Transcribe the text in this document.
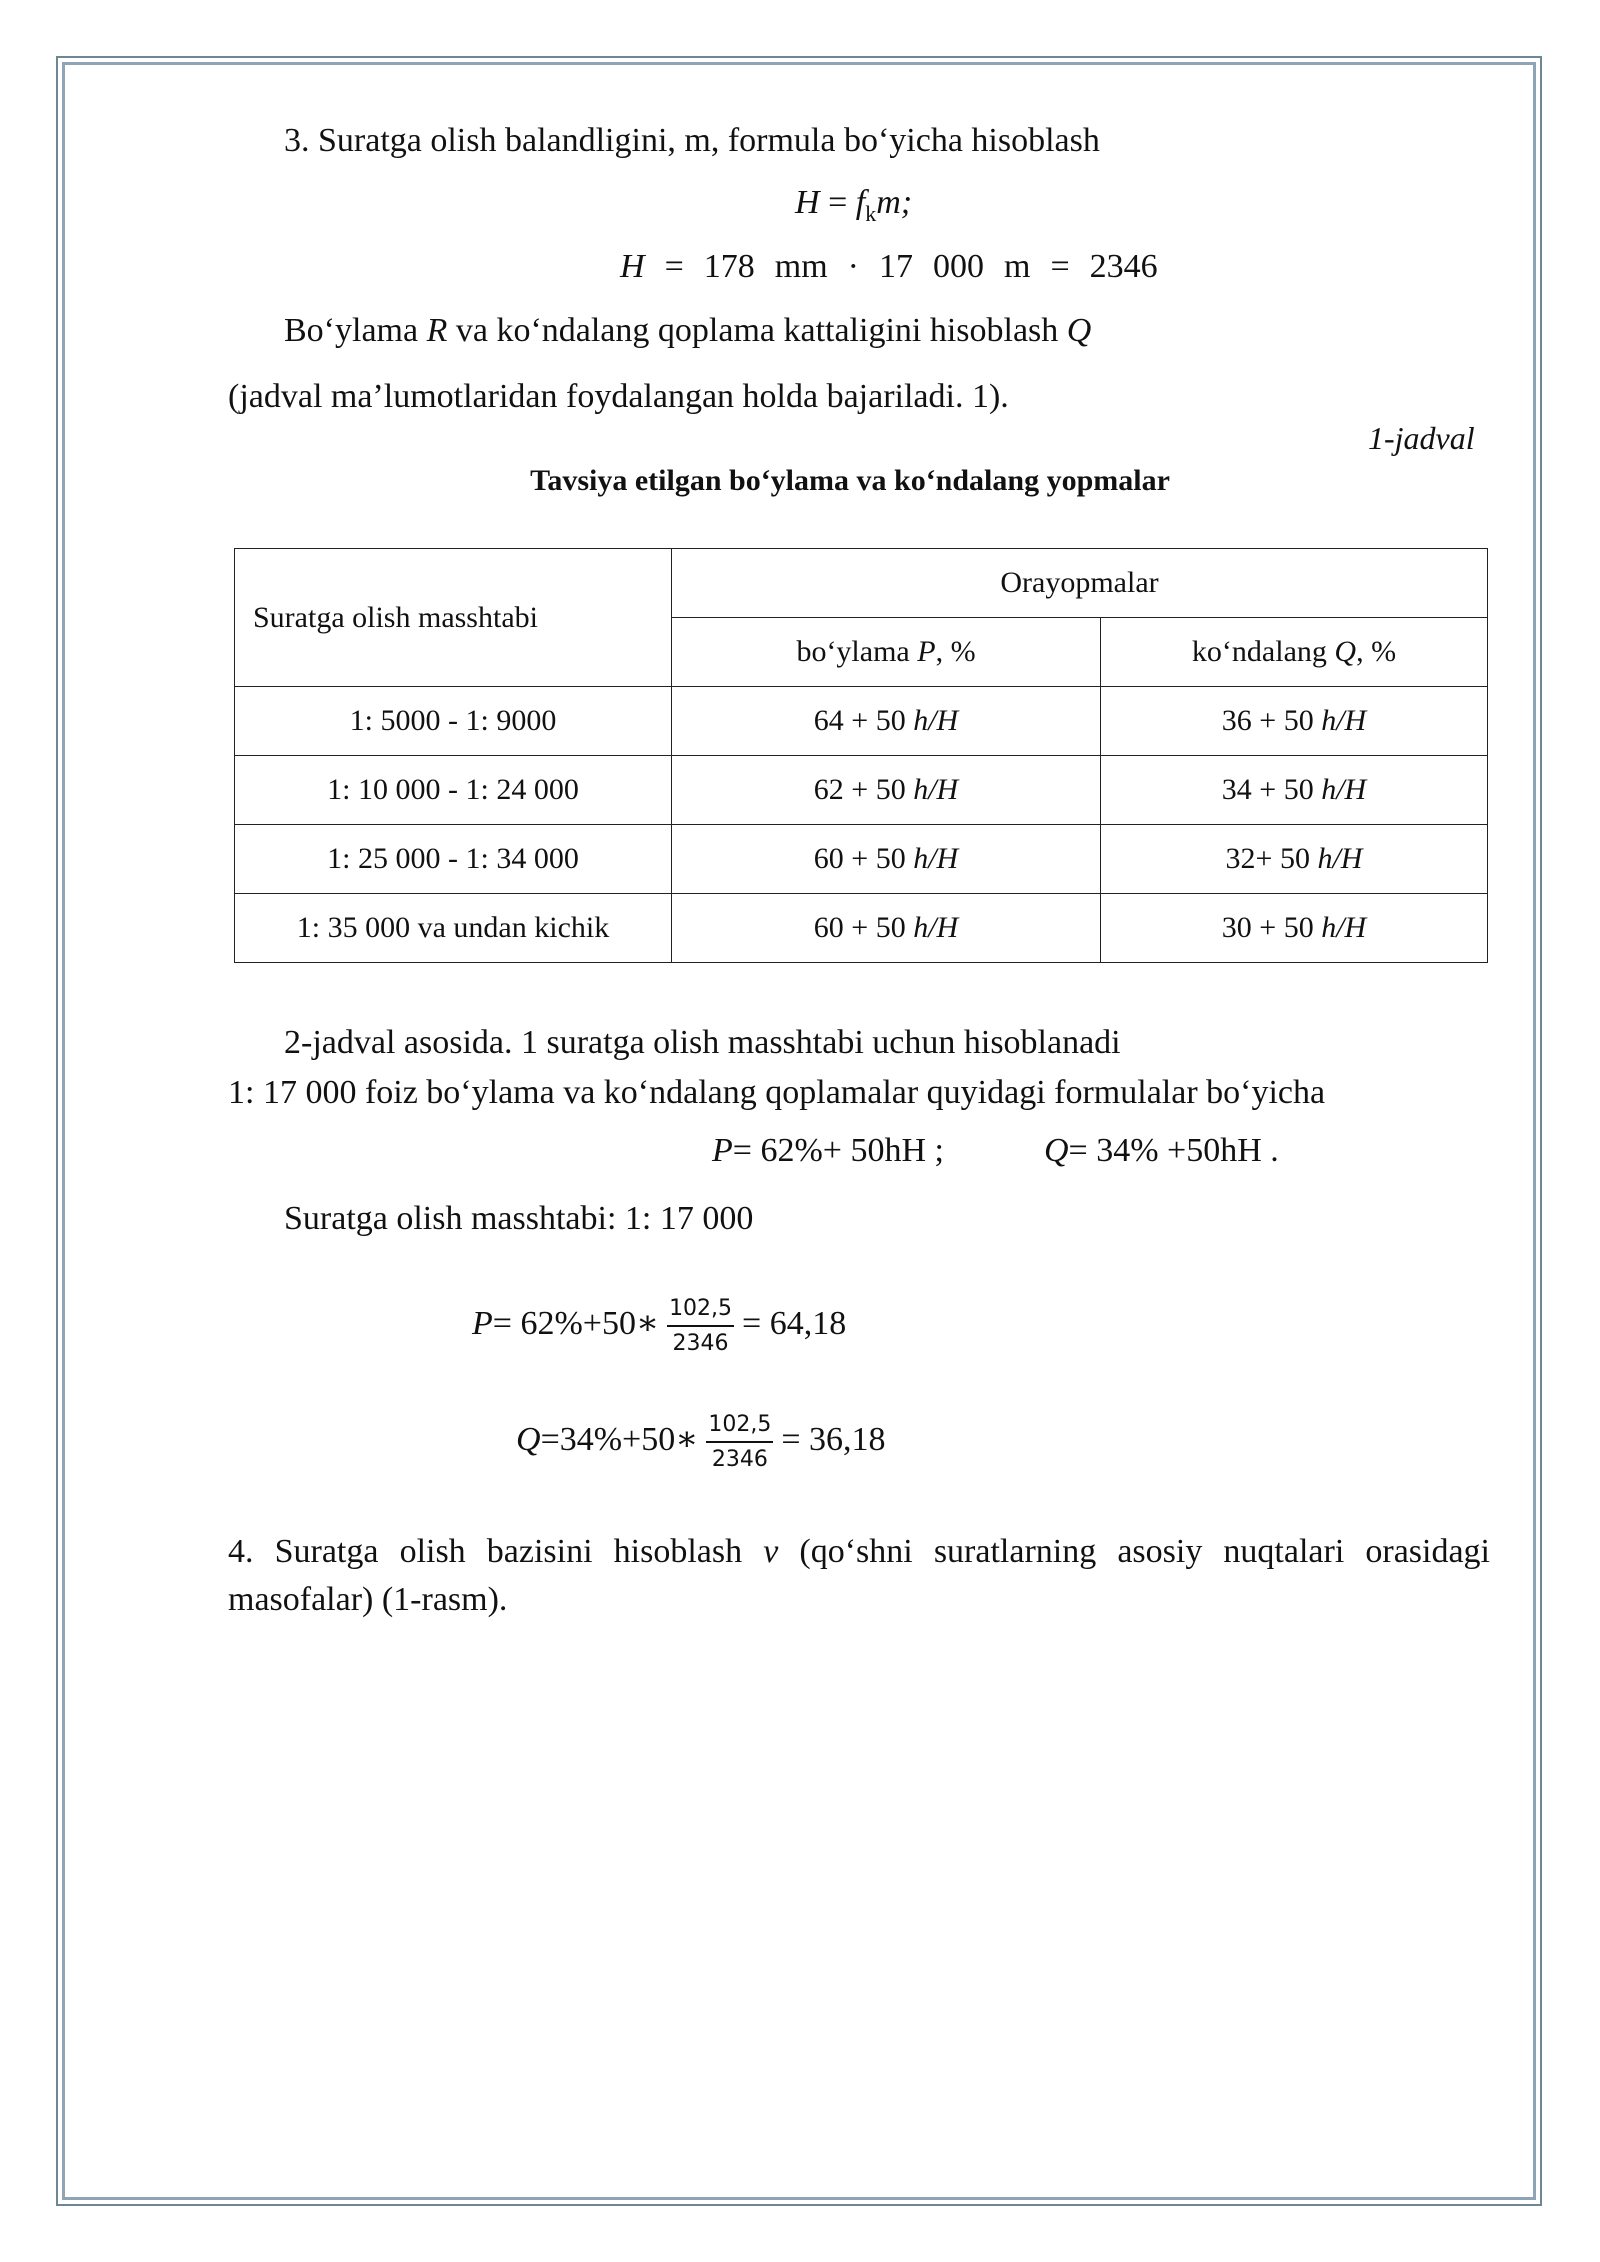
3. Suratga olish balandligini, m, formula bo‘yicha hisoblash
$H = f_km$;
H = 178 mm · 17 000 m = 2346
Bo‘ylama R va ko‘ndalang qoplama kattaligini hisoblash Q
(jadval ma’lumotlaridan foydalangan holda bajariladi. 1).
1-jadval
Tavsiya etilgan bo‘ylama va ko‘ndalang yopmalar
Suratga olish masshtabi	Orayopmalar	
	bo‘ylama P, %	ko‘ndalang Q, %
1: 5000 - 1: 9000	64 + 50 h/H	36 + 50 h/H
1: 10 000 - 1: 24 000	62 + 50 h/H	34 + 50 h/H
1: 25 000 - 1: 34 000	60 + 50 h/H	32+ 50 h/H
1: 35 000 va undan kichik	60 + 50 h/H	30 + 50 h/H
2-jadval asosida. 1 suratga olish masshtabi uchun hisoblanadi
1: 17 000 foiz bo‘ylama va ko‘ndalang qoplamalar quyidagi formulalar bo‘yicha
P= 62%+ 50hH ;	Q= 34% +50hH .
Suratga olish masshtabi: 1: 17 000
P= 62%+50∗ $\frac{102,5}{2346} = 64,18$
Q=34%+50∗ $\frac{102,5}{2346} = 36,18$
4. Suratga olish bazisini hisoblash v (qo‘shni suratlarning asosiy nuqtalari orasidagi masofalar) (1-rasm).
